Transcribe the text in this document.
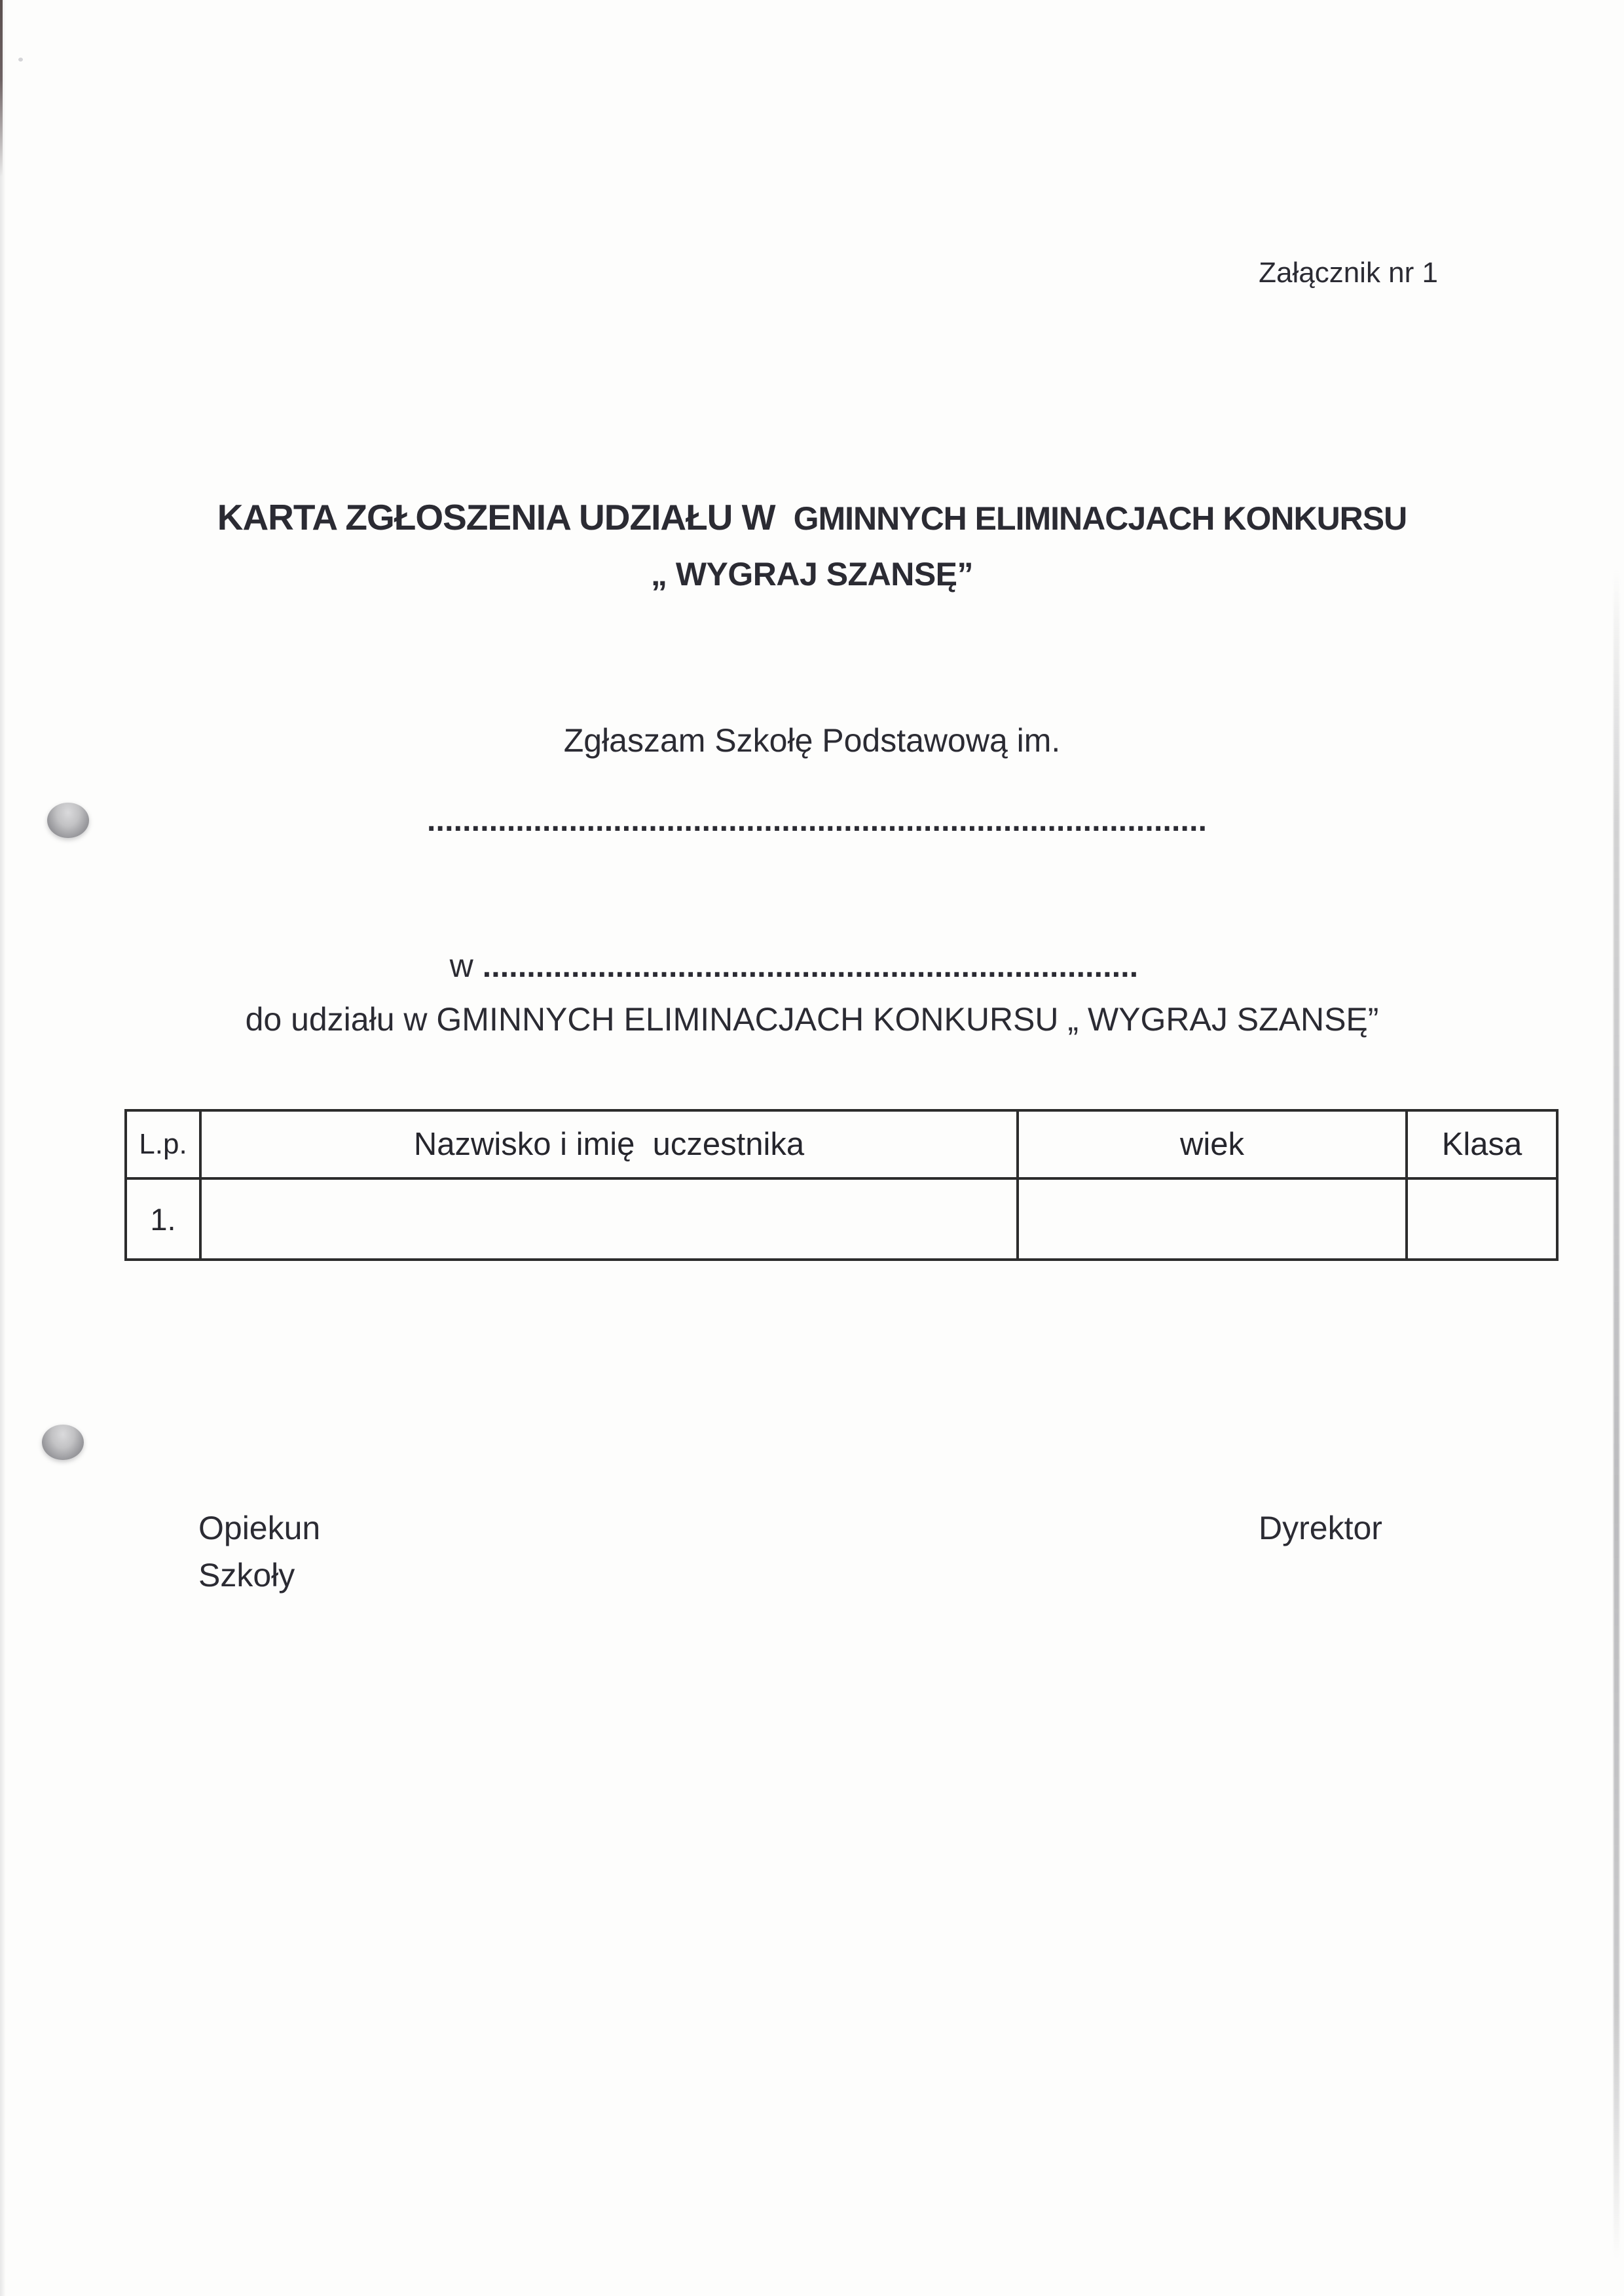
Załącznik nr 1
KARTA ZGŁOSZENIA UDZIAŁU W GMINNYCH ELIMINACJACH KONKURSU
„ WYGRAJ SZANSĘ”
Zgłaszam Szkołę Podstawową im.
........................................................................................

w ..........................................................................

do udziału w GMINNYCH ELIMINACJACH KONKURSU „ WYGRAJ SZANSĘ”
L.p.	Nazwisko i imię  uczestnika	wiek	Klasa
1.			
Opiekun
Szkoły
Dyrektor
